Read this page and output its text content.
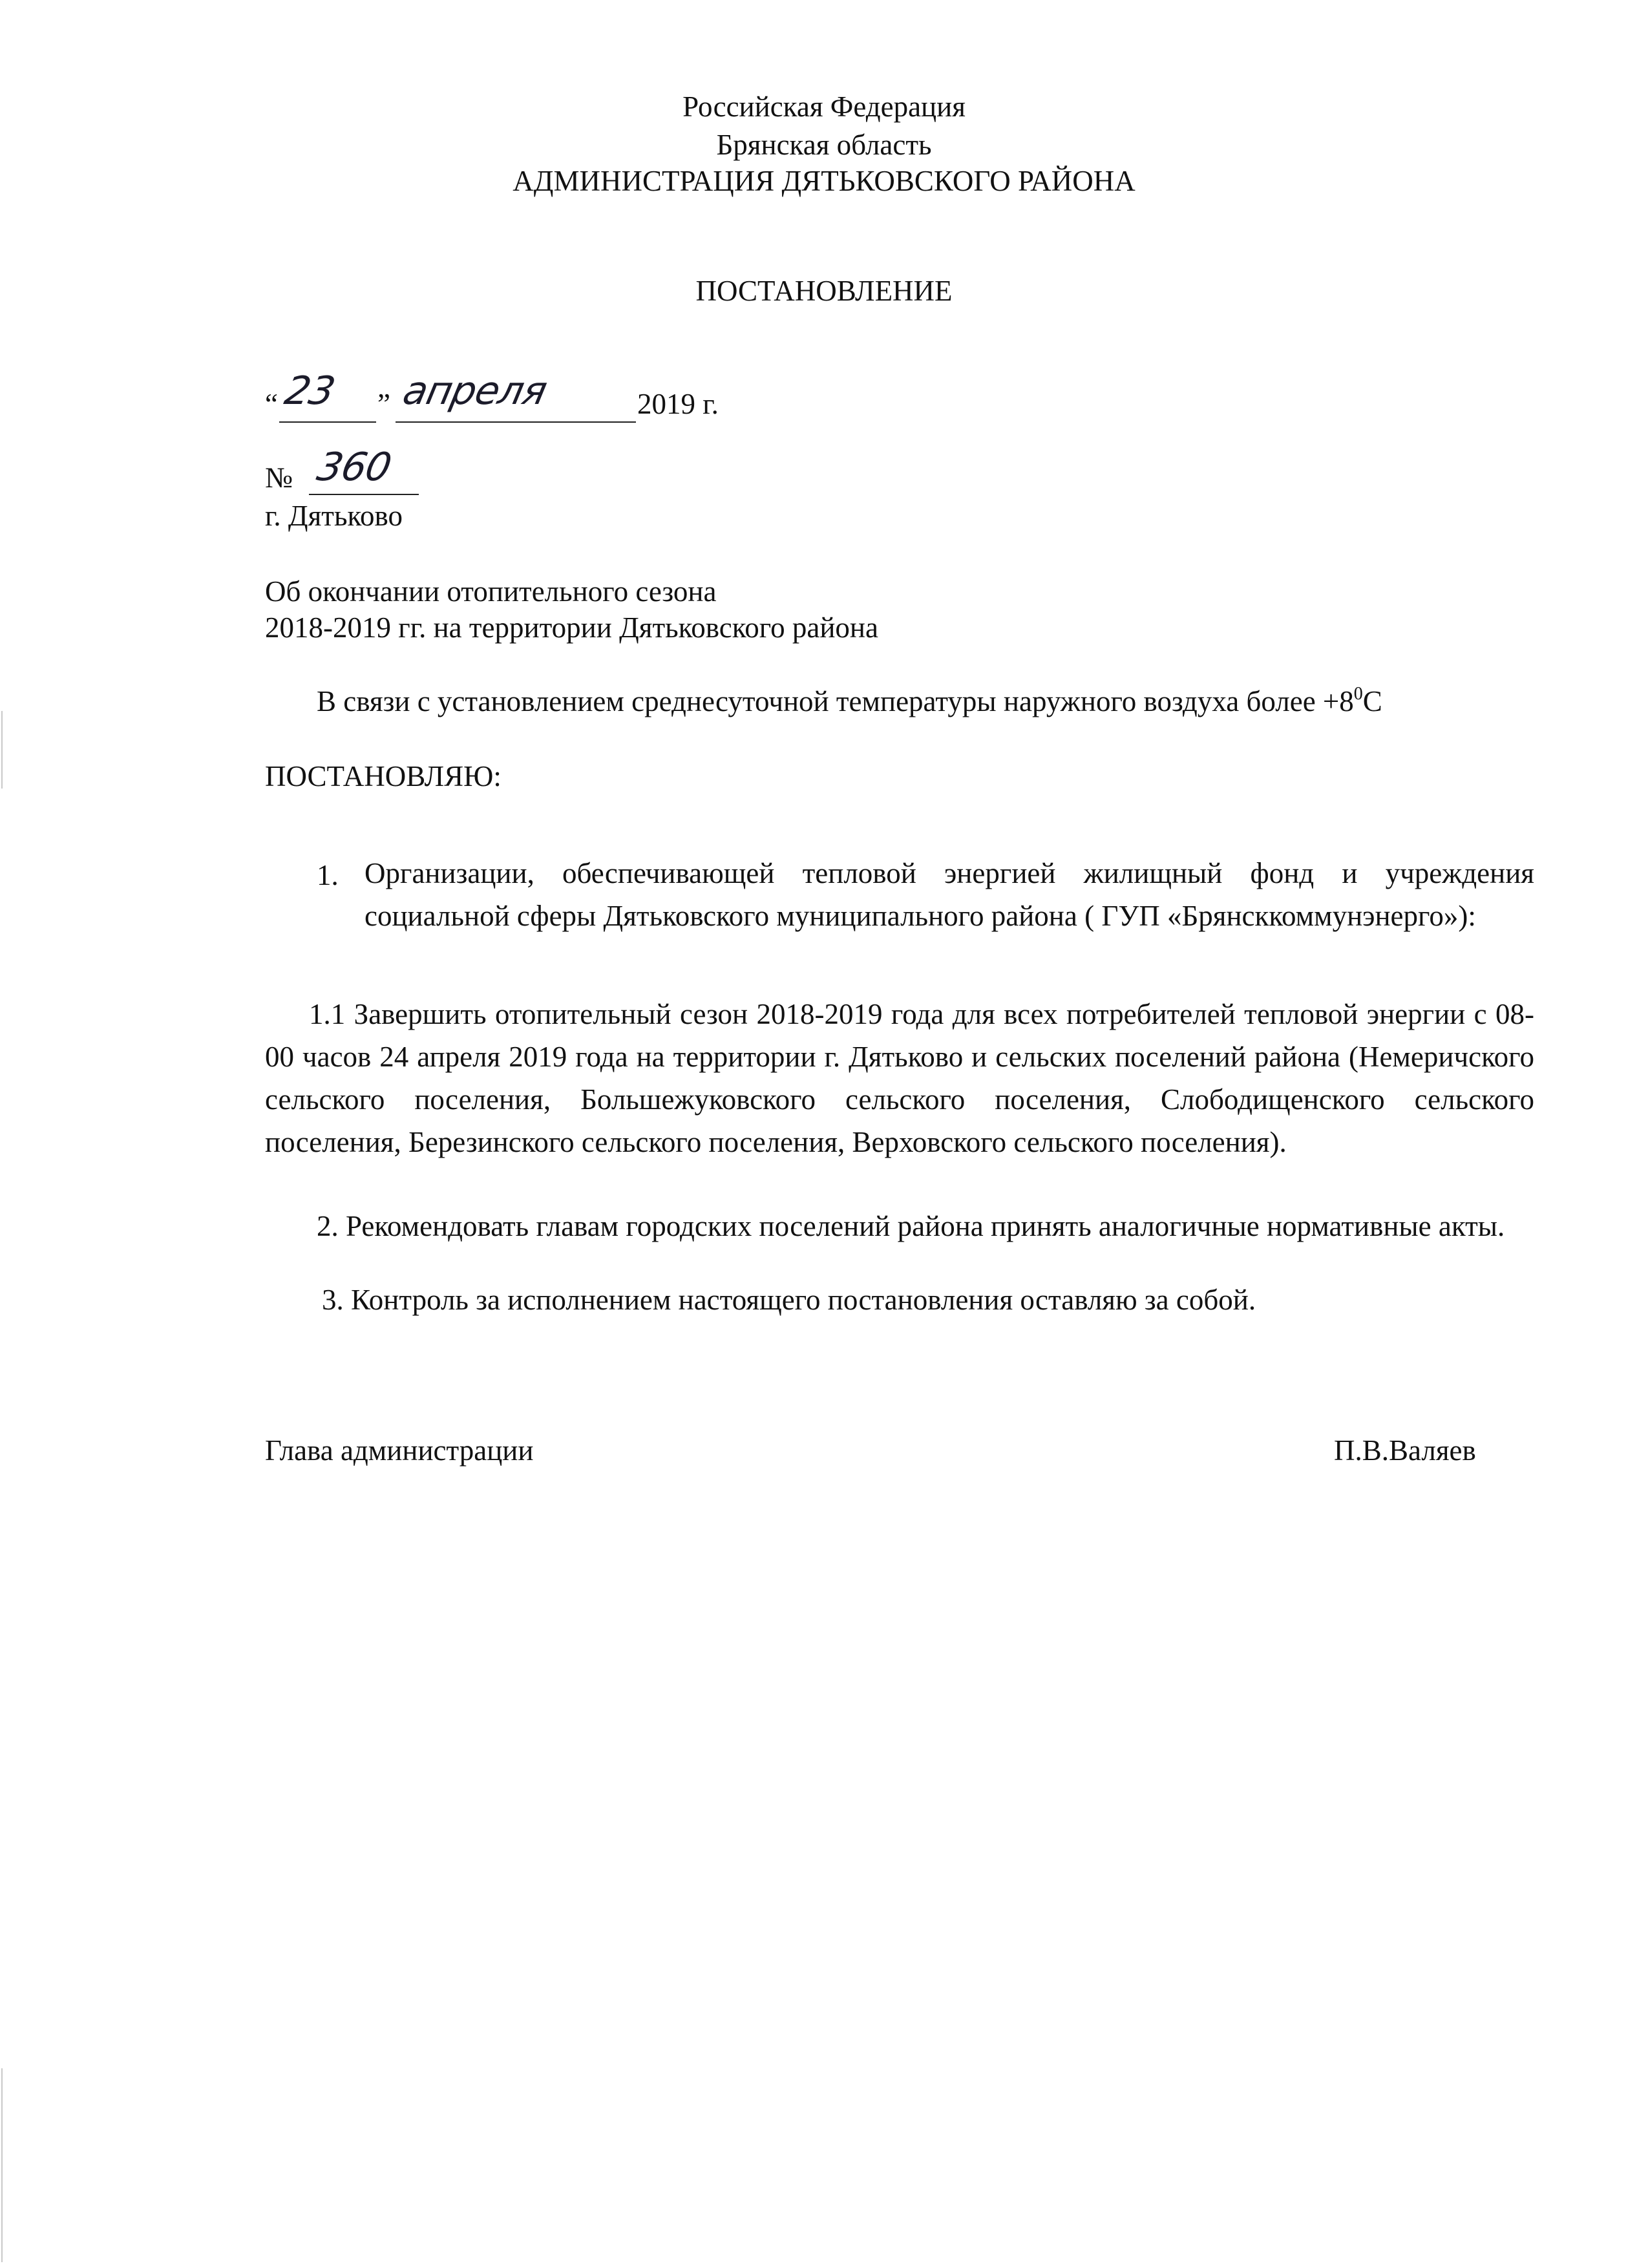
Российская Федерация
Брянская область
АДМИНИСТРАЦИЯ ДЯТЬКОВСКОГО РАЙОНА
ПОСТАНОВЛЕНИЕ
“ 23 ” апреля	2019 г.
№ 360
г. Дятьково
Об окончании отопительного сезона
2018-2019 гг. на территории Дятьковского района
В связи с установлением среднесуточной температуры наружного воздуха более $+8^0С$
ПОСТАНОВЛЯЮ:
1. Организации, обеспечивающей тепловой энергией жилищный фонд и учреждения социальной сферы Дятьковского муниципального района ( ГУП «Брянсккоммунэнерго»):
1.1 Завершить отопительный сезон 2018-2019 года для всех потребителей тепловой энергии с 08-00 часов 24 апреля 2019 года на территории г. Дятьково и сельских поселений района (Немеричского сельского поселения, Большежуковского сельского поселения, Слободищенского сельского поселения, Березинского сельского поселения, Верховского сельского поселения).
2. Рекомендовать главам городских поселений района принять аналогичные нормативные акты.
3. Контроль за исполнением настоящего постановления оставляю за собой.
Глава администрации	П.В.Валяев
